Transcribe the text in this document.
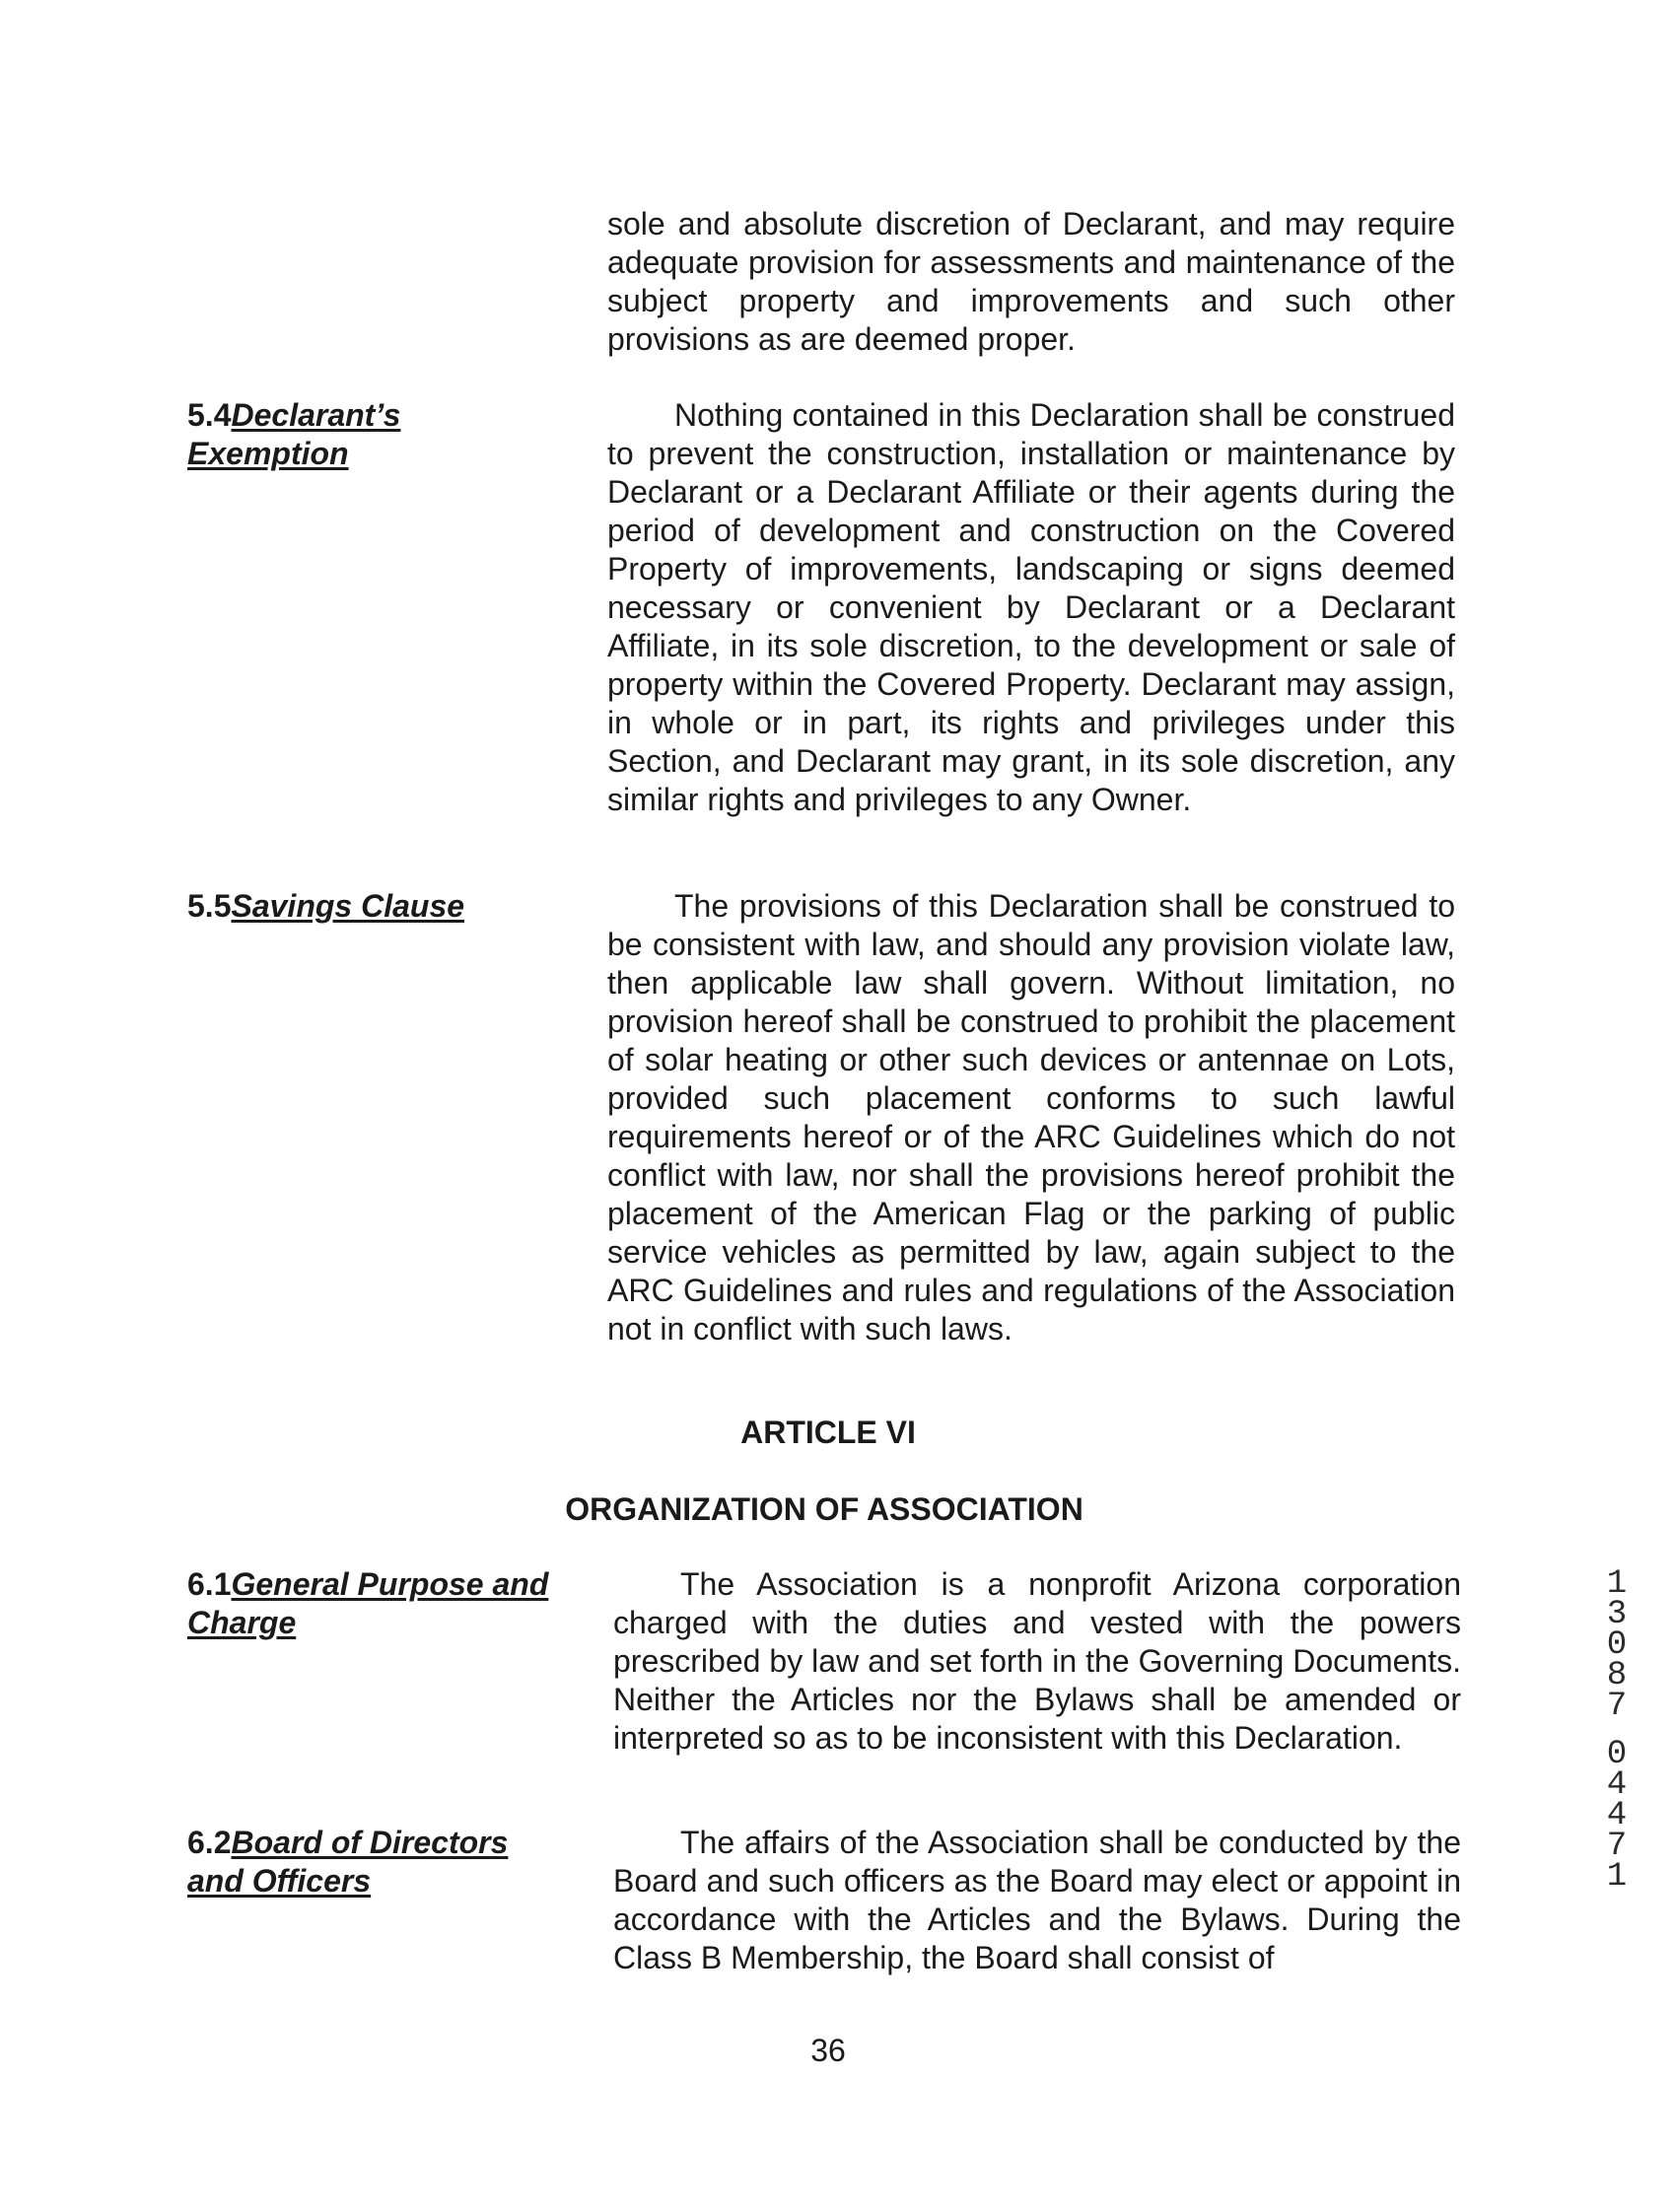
sole and absolute discretion of Declarant, and may require adequate provision for assessments and maintenance of the subject property and improvements and such other provisions as are deemed proper.

5.4Declarant’s Exemption

Nothing contained in this Declaration shall be construed to prevent the construction, installation or maintenance by Declarant or a Declarant Affiliate or their agents during the period of development and construction on the Covered Property of improvements, landscaping or signs deemed necessary or convenient by Declarant or a Declarant Affiliate, in its sole discretion, to the development or sale of property within the Covered Property. Declarant may assign, in whole or in part, its rights and privileges under this Section, and Declarant may grant, in its sole discretion, any similar rights and privileges to any Owner.

5.5Savings Clause	The provisions of this Declaration shall be construed to be consistent with law, and should any provision violate law, then applicable law shall govern. Without limitation, no provision hereof shall be construed to prohibit the placement of solar heating or other such devices or antennae on Lots, provided such placement conforms to such lawful requirements hereof or of the ARC Guidelines which do not conflict with law, nor shall the provisions hereof prohibit the placement of the American Flag or the parking of public service vehicles as permitted by law, again subject to the ARC Guidelines and rules and regulations of the Association not in conflict with such laws.

ARTICLE VI
ORGANIZATION OF ASSOCIATION
6.1General Purpose and
Charge

The Association is a nonprofit Arizona corporation charged with the duties and vested with the powers prescribed by law and set forth in the Governing Documents. Neither the Articles nor the Bylaws shall be amended or interpreted so as to be inconsistent with this Declaration.

6.2Board of Directors
and Officers

The affairs of the Association shall be conducted by the Board and such officers as the Board may elect or appoint in accordance with the Articles and the Bylaws. During the Class B Membership, the Board shall consist of

36
1
3
0
8
7
0
4
4
7
1
